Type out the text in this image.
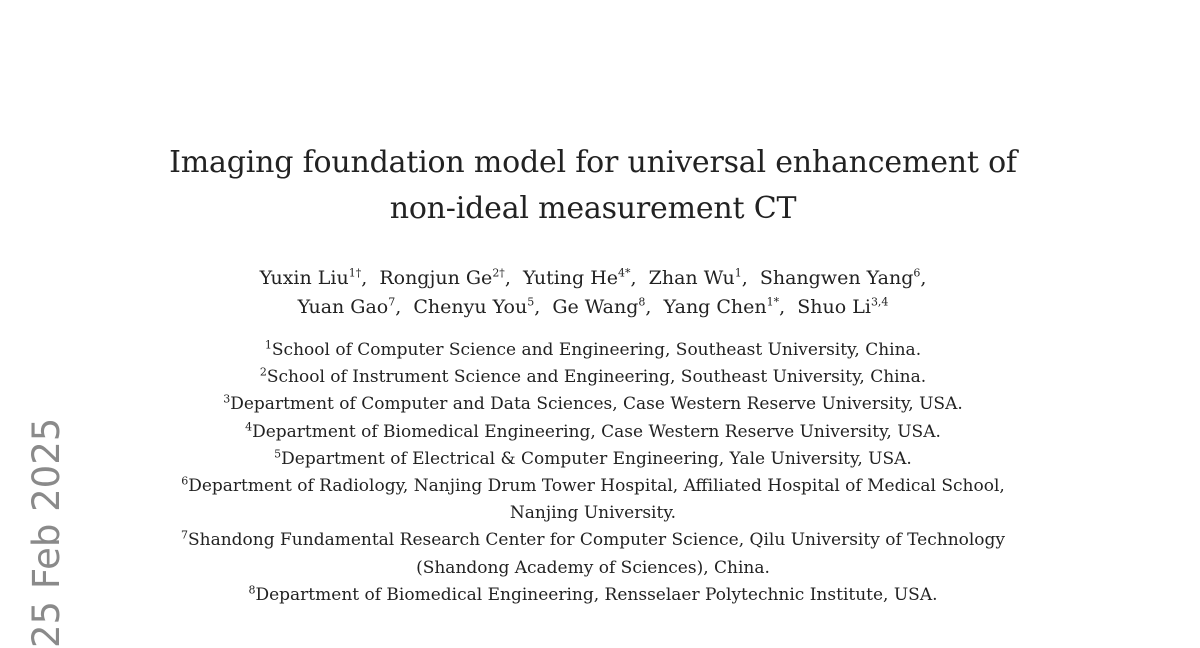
Imaging foundation model for universal enhancement of
non-ideal measurement CT
Yuxin Liu$^{1\dagger}$,  Rongjun $Ge^{2\dagger}$,  Yuting $He^{4*}$,  Zhan Wu$^1$,  Shangwen Yang$^6$,
Yuan Gao$^7$,  Chenyu You$^5$,  Ge Wang$^8$,  Yang Chen$^{1*}$,  Shuo Li$^{3,4}$
$^1$School of Computer Science and Engineering, Southeast University, China.
$^2$School of Instrument Science and Engineering, Southeast University, China.
$^3$Department of Computer and Data Sciences, Case Western Reserve University, USA.
$^4$Department of Biomedical Engineering, Case Western Reserve University, USA.
$^5$Department of Electrical & Computer Engineering, Yale University, USA.
$^6$Department of Radiology, Nanjing Drum Tower Hospital, Affiliated Hospital of Medical School, Nanjing University.
$^7$Shandong Fundamental Research Center for Computer Science, Qilu University of Technology (Shandong Academy of Sciences), China.
$^8$Department of Biomedical Engineering, Rensselaer Polytechnic Institute, USA.
25 Feb 2025
